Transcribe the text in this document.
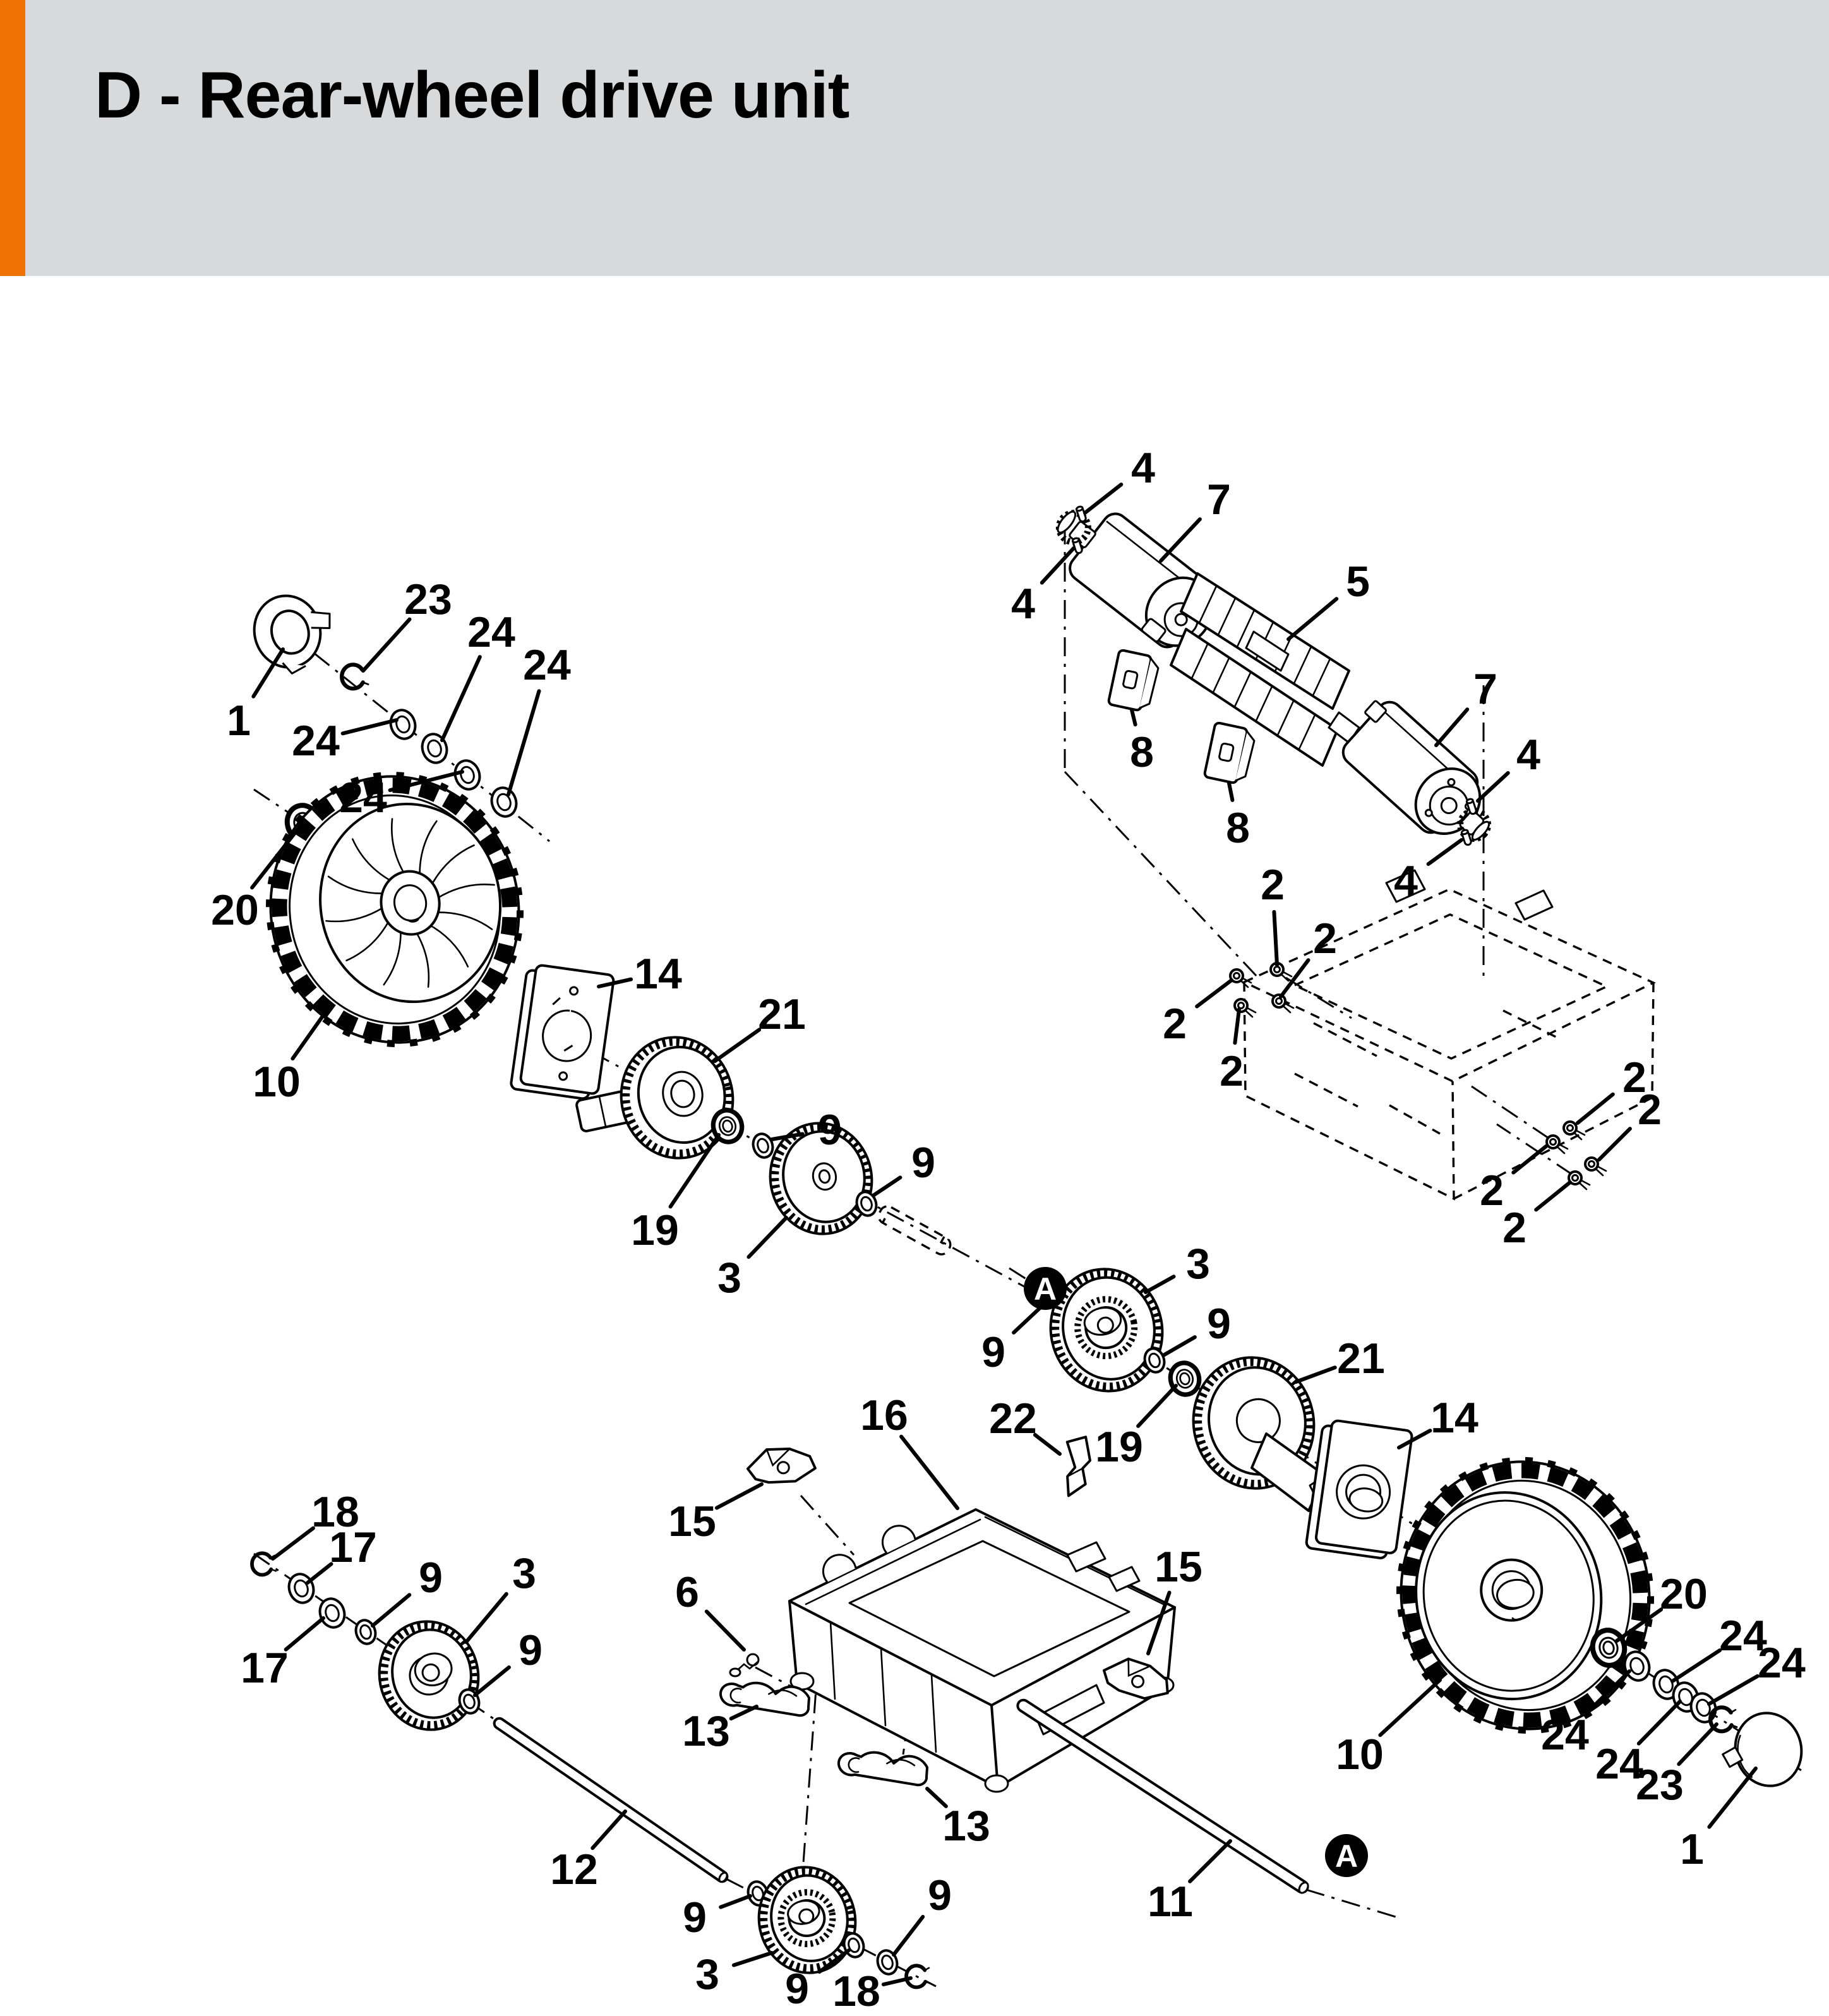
D - Rear-wheel drive unit
4
7
5
4
8
8
7
4
4
2
2
2
2	2
2
2
2
23
24
24
1 24
24
20
10
14
21
19
9
3
9
3
9
9
21
19
16 22	14
15
6
15
13
13
11
18
17
9 3
17	9
12
9
3 9
9
18
10
20
24
24
24
24
23
1
A
A
